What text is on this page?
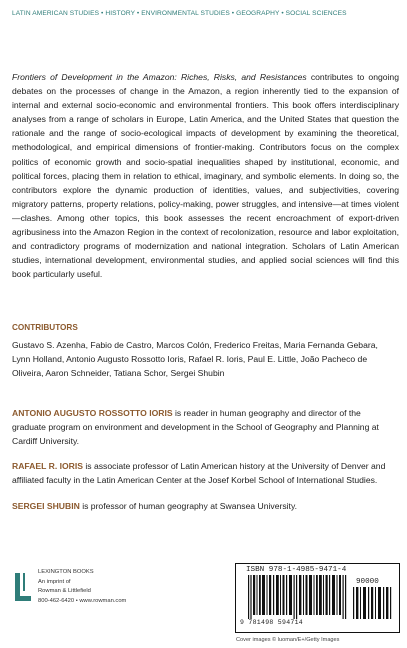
LATIN AMERICAN STUDIES • HISTORY • ENVIRONMENTAL STUDIES • GEOGRAPHY • SOCIAL SCIENCES

Frontiers of Development in the Amazon: Riches, Risks, and Resistances contributes to ongoing debates on the processes of change in the Amazon, a region inherently tied to the expansion of internal and external socio-economic and environmental frontiers. This book offers interdisciplinary analyses from a range of scholars in Europe, Latin America, and the United States that question the rationale and the range of socio-ecological impacts of development by examining the theoretical, methodological, and empirical dimensions of frontier-making. Contributors focus on the complex politics of economic growth and socio-spatial inequalities shaped by institutional, economic, and political forces, placing them in relation to ethical, imaginary, and symbolic elements. In doing so, the contributors explore the dynamic production of identities, values, and subjectivities, covering migratory patterns, property relations, policy-making, power struggles, and intensive—at times violent—clashes. Among other topics, this book assesses the recent encroachment of export-driven agribusiness into the Amazon Region in the context of recolonization, resource and labor exploitation, and contradictory programs of modernization and national integration. Scholars of Latin American studies, international development, environmental studies, and applied social sciences will find this book particularly useful.

CONTRIBUTORS

Gustavo S. Azenha, Fabio de Castro, Marcos Colón, Frederico Freitas, Maria Fernanda Gebara, Lynn Holland, Antonio Augusto Rossotto Ioris, Rafael R. Ioris, Paul E. Little, João Pacheco de Oliveira, Aaron Schneider, Tatiana Schor, Sergei Shubin

ANTONIO AUGUSTO ROSSOTTO IORIS is reader in human geography and director of the graduate program on environment and development in the School of Geography and Planning at Cardiff University.

RAFAEL R. IORIS is associate professor of Latin American history at the University of Denver and affiliated faculty in the Latin American Center at the Josef Korbel School of International Studies.

SERGEI SHUBIN is professor of human geography at Swansea University.

LEXINGTON BOOKS
An imprint of
Rowman & Littlefield
800-462-6420 • www.rowman.com
ISBN 978-1-4985-9471-4
90000
9 781498 594714
Cover images © luoman/E+/Getty Images
